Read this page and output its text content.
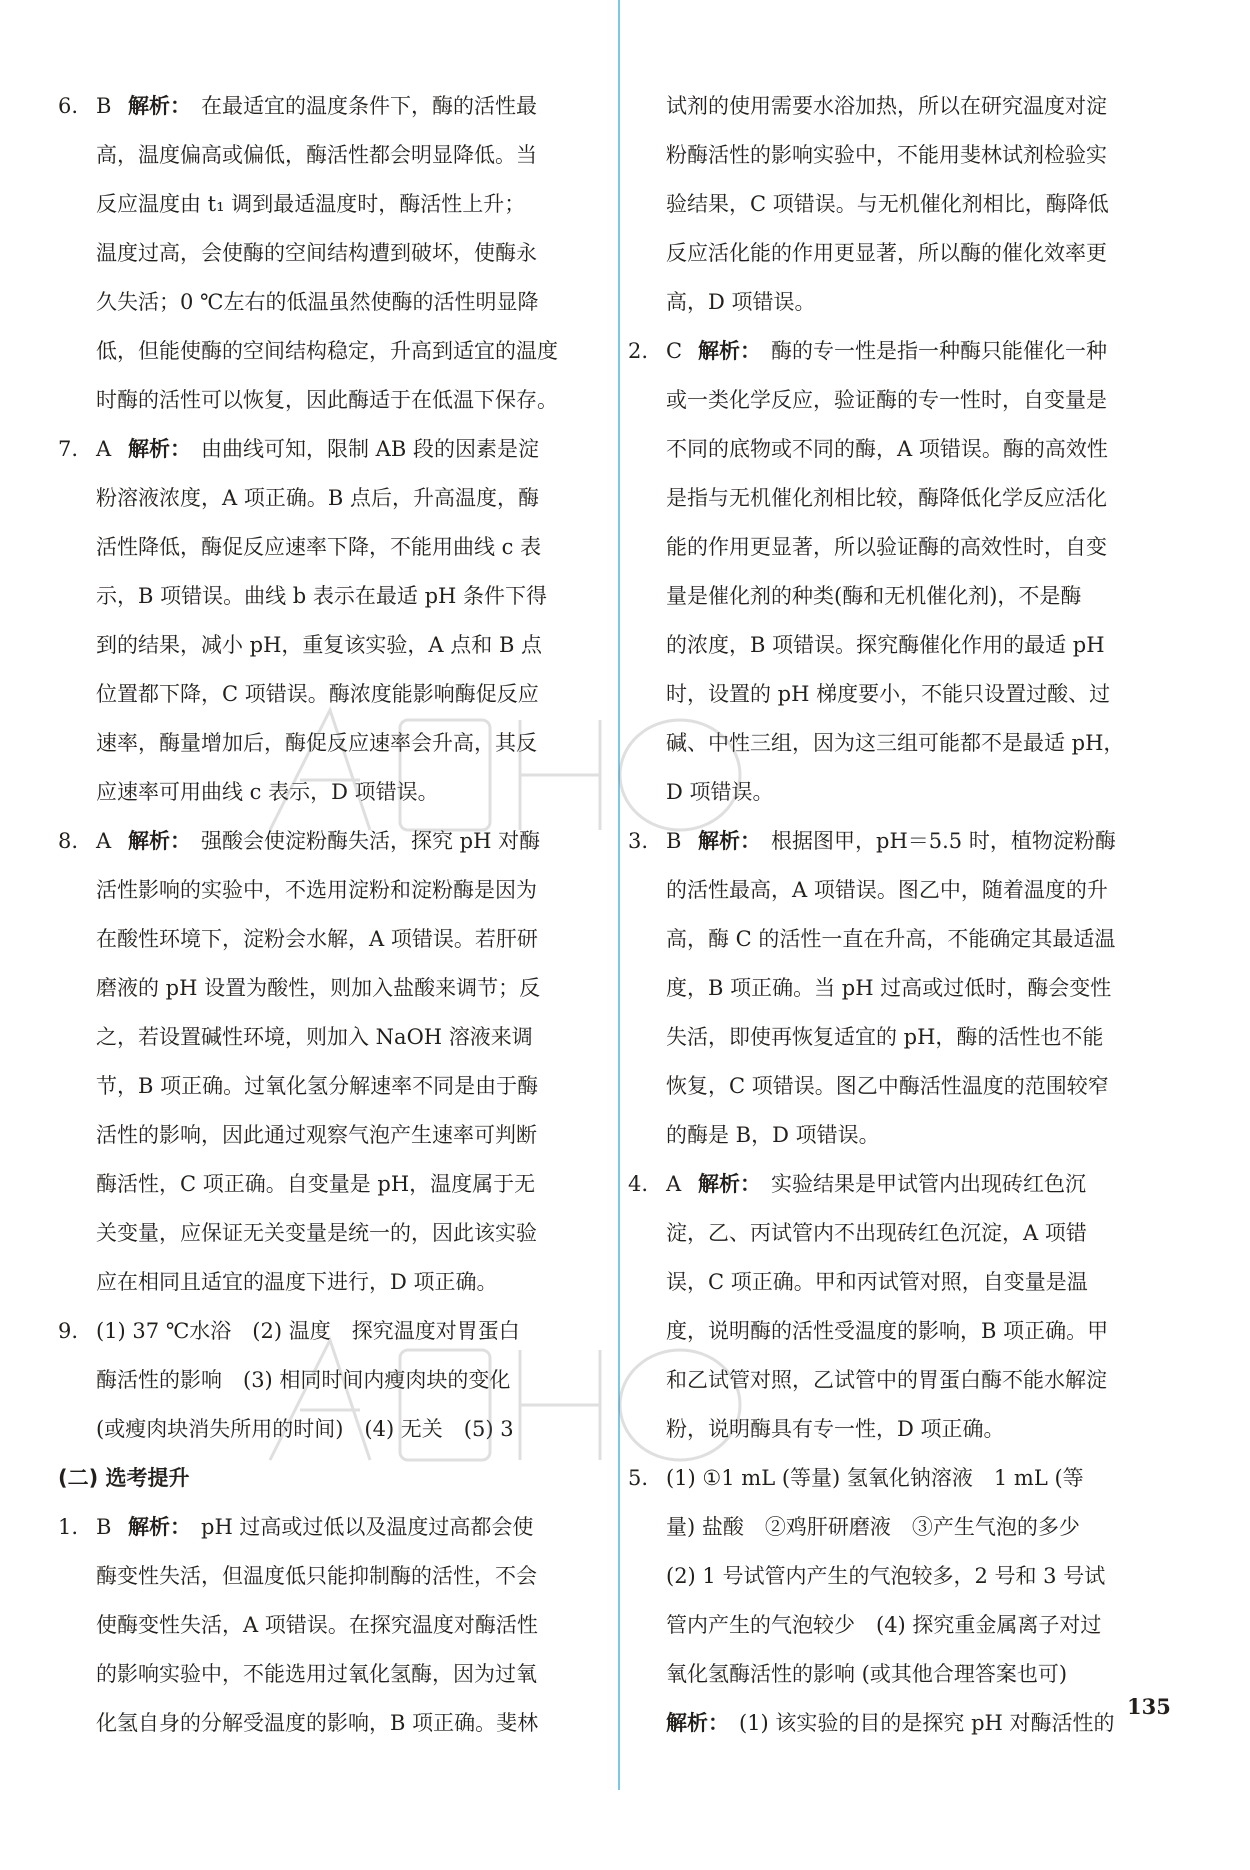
6. B 解析： 在最适宜的温度条件下，酶的活性最
高，温度偏高或偏低，酶活性都会明显降低。当
反应温度由 t₁ 调到最适温度时，酶活性上升；
温度过高，会使酶的空间结构遭到破坏，使酶永
久失活；0 ℃左右的低温虽然使酶的活性明显降
低，但能使酶的空间结构稳定，升高到适宜的温度
时酶的活性可以恢复，因此酶适于在低温下保存。
7. A 解析： 由曲线可知，限制 AB 段的因素是淀
粉溶液浓度，A 项正确。B 点后，升高温度，酶
活性降低，酶促反应速率下降，不能用曲线 c 表
示，B 项错误。曲线 b 表示在最适 pH 条件下得
到的结果，减小 pH，重复该实验，A 点和 B 点
位置都下降，C 项错误。酶浓度能影响酶促反应
速率，酶量增加后，酶促反应速率会升高，其反
应速率可用曲线 c 表示，D 项错误。
8. A 解析： 强酸会使淀粉酶失活，探究 pH 对酶
活性影响的实验中，不选用淀粉和淀粉酶是因为
在酸性环境下，淀粉会水解，A 项错误。若肝研
磨液的 pH 设置为酸性，则加入盐酸来调节；反
之，若设置碱性环境，则加入 NaOH 溶液来调
节，B 项正确。过氧化氢分解速率不同是由于酶
活性的影响，因此通过观察气泡产生速率可判断
酶活性，C 项正确。自变量是 pH，温度属于无
关变量，应保证无关变量是统一的，因此该实验
应在相同且适宜的温度下进行，D 项正确。
9. (1) 37 ℃水浴　(2) 温度　探究温度对胃蛋白
酶活性的影响　(3) 相同时间内瘦肉块的变化
(或瘦肉块消失所用的时间)　(4) 无关　(5) 3
(二) 选考提升
1. B 解析： pH 过高或过低以及温度过高都会使
酶变性失活，但温度低只能抑制酶的活性，不会
使酶变性失活，A 项错误。在探究温度对酶活性
的影响实验中，不能选用过氧化氢酶，因为过氧
化氢自身的分解受温度的影响，B 项正确。斐林
试剂的使用需要水浴加热，所以在研究温度对淀
粉酶活性的影响实验中，不能用斐林试剂检验实
验结果，C 项错误。与无机催化剂相比，酶降低
反应活化能的作用更显著，所以酶的催化效率更
高，D 项错误。
2. C 解析： 酶的专一性是指一种酶只能催化一种
或一类化学反应，验证酶的专一性时，自变量是
不同的底物或不同的酶，A 项错误。酶的高效性
是指与无机催化剂相比较，酶降低化学反应活化
能的作用更显著，所以验证酶的高效性时，自变
量是催化剂的种类(酶和无机催化剂)，不是酶
的浓度，B 项错误。探究酶催化作用的最适 pH
时，设置的 pH 梯度要小，不能只设置过酸、过
碱、中性三组，因为这三组可能都不是最适 pH，
D 项错误。
3. B 解析： 根据图甲，pH＝5.5 时，植物淀粉酶
的活性最高，A 项错误。图乙中，随着温度的升
高，酶 C 的活性一直在升高，不能确定其最适温
度，B 项正确。当 pH 过高或过低时，酶会变性
失活，即使再恢复适宜的 pH，酶的活性也不能
恢复，C 项错误。图乙中酶活性温度的范围较窄
的酶是 B，D 项错误。
4. A 解析： 实验结果是甲试管内出现砖红色沉
淀，乙、丙试管内不出现砖红色沉淀，A 项错
误，C 项正确。甲和丙试管对照，自变量是温
度，说明酶的活性受温度的影响，B 项正确。甲
和乙试管对照，乙试管中的胃蛋白酶不能水解淀
粉，说明酶具有专一性，D 项正确。
5. (1) ①1 mL (等量) 氢氧化钠溶液　1 mL (等
量) 盐酸　②鸡肝研磨液　③产生气泡的多少
(2) 1 号试管内产生的气泡较多，2 号和 3 号试
管内产生的气泡较少　(4) 探究重金属离子对过
氧化氢酶活性的影响 (或其他合理答案也可)
解析： (1) 该实验的目的是探究 pH 对酶活性的
135
